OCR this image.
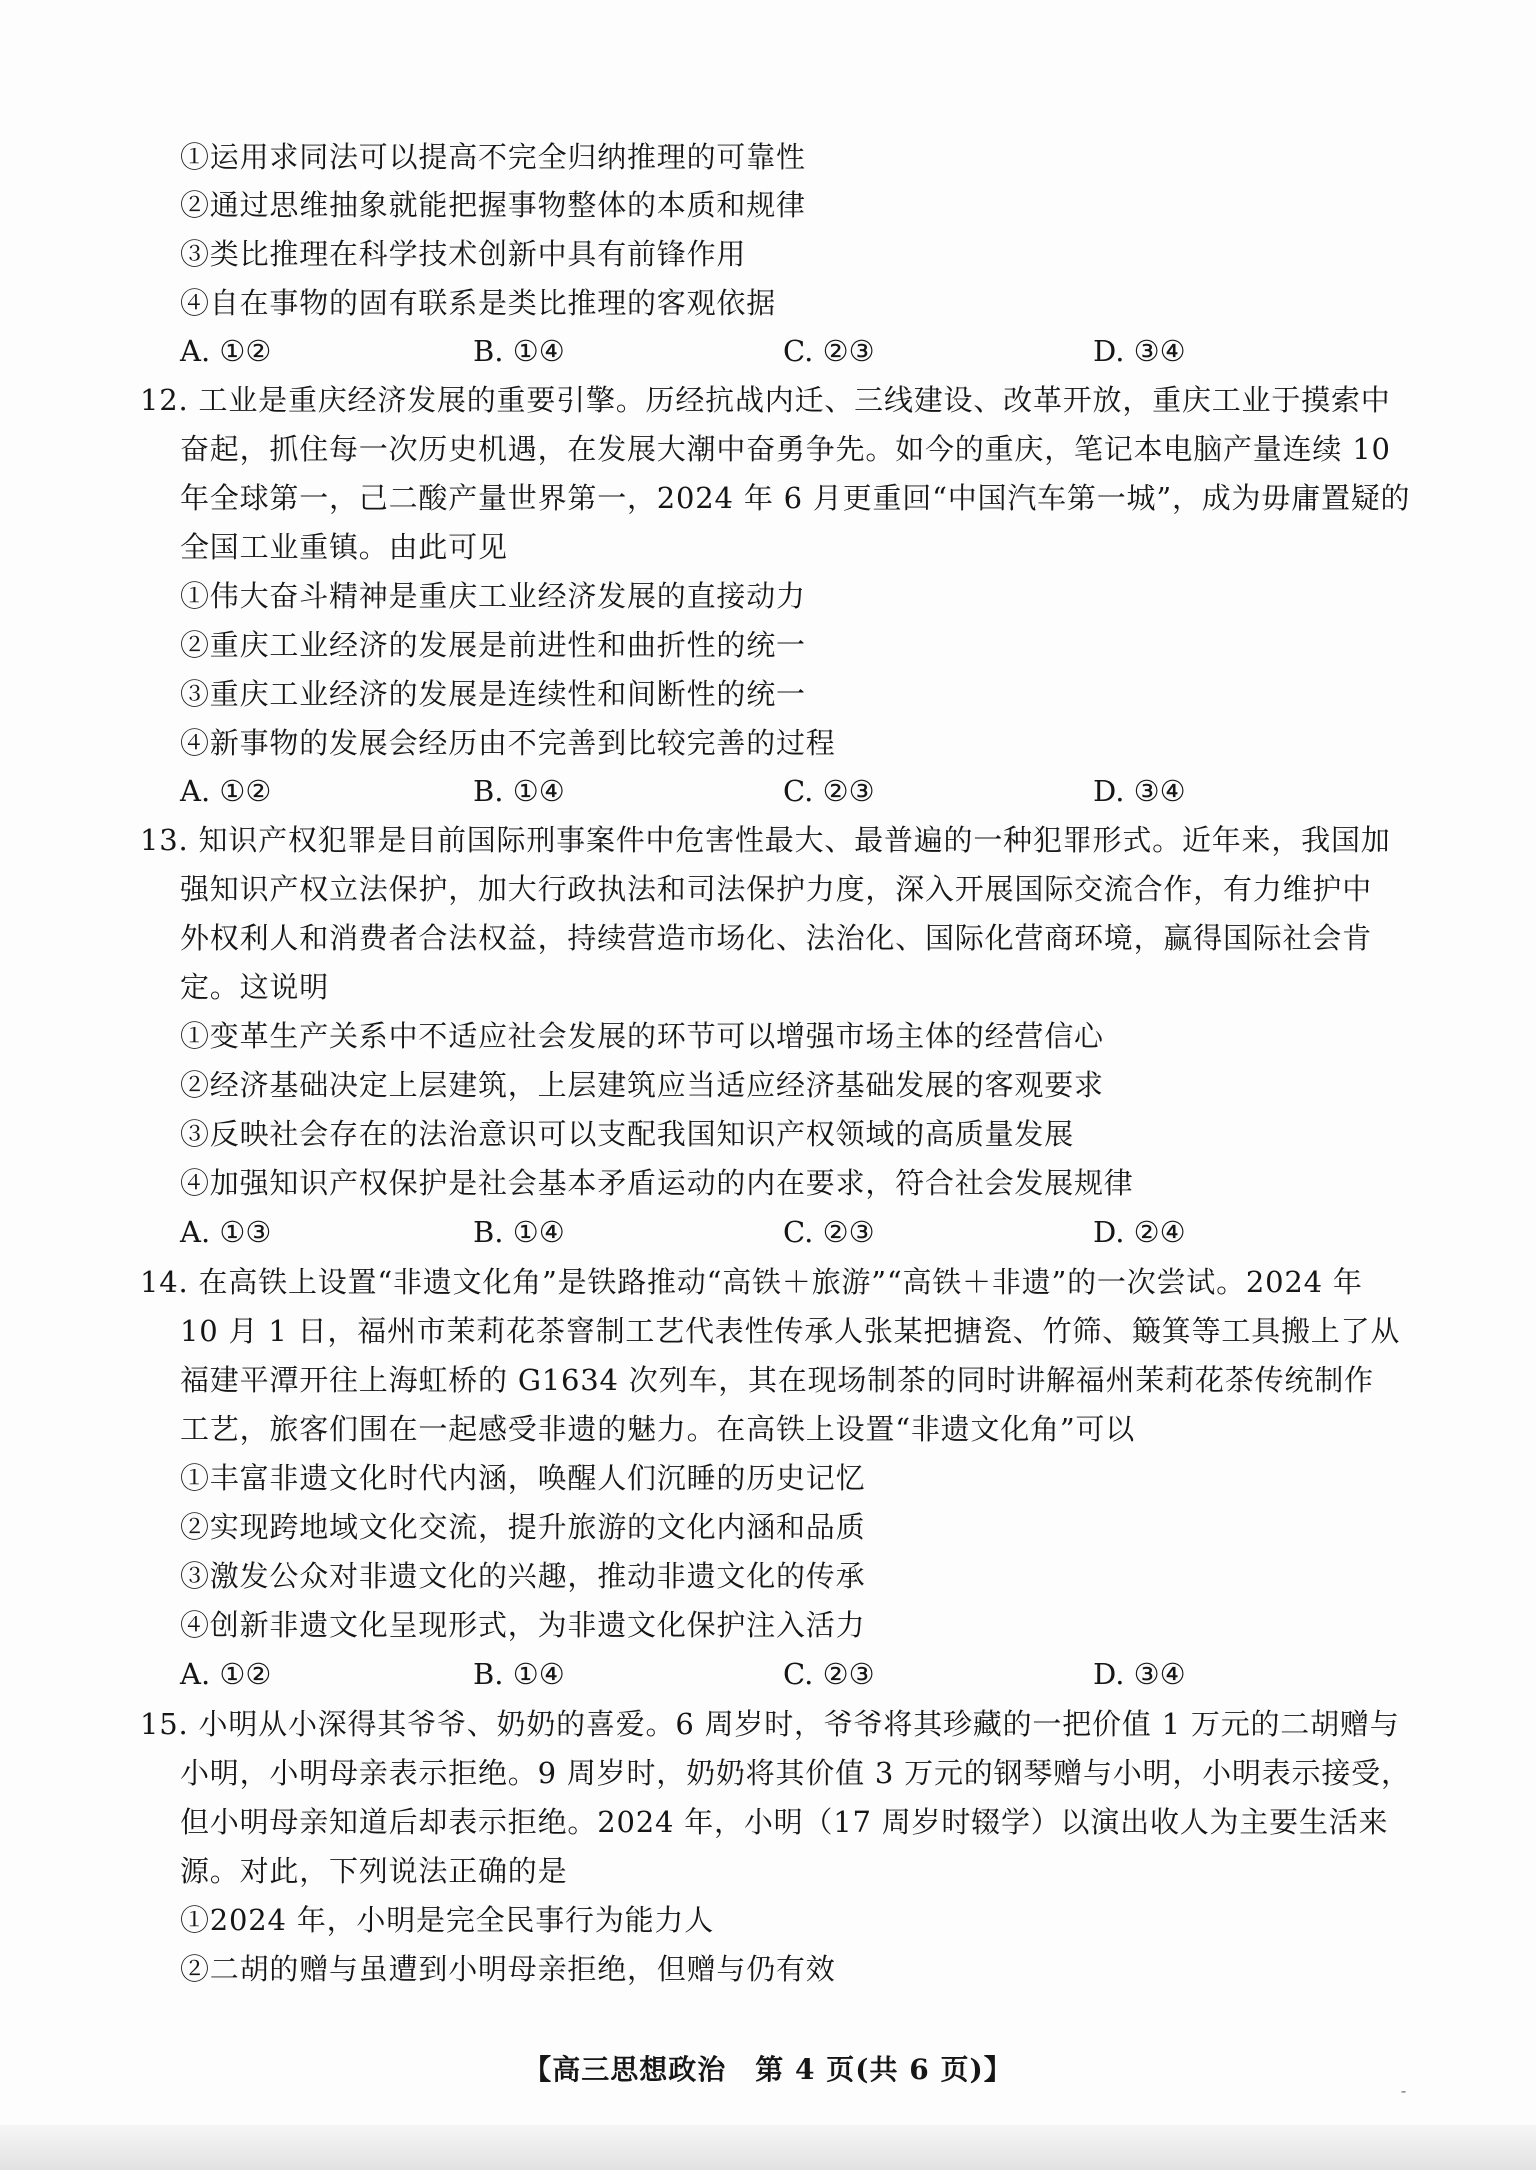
①运用求同法可以提高不完全归纳推理的可靠性

②通过思维抽象就能把握事物整体的本质和规律

③类比推理在科学技术创新中具有前锋作用

④自在事物的固有联系是类比推理的客观依据

A. ①②	B. ①④	C. ②③	D. ③④

12. 工业是重庆经济发展的重要引擎。历经抗战内迁、三线建设、改革开放，重庆工业于摸索中

奋起，抓住每一次历史机遇，在发展大潮中奋勇争先。如今的重庆，笔记本电脑产量连续 10

年全球第一，己二酸产量世界第一，2024 年 6 月更重回“中国汽车第一城”，成为毋庸置疑的

全国工业重镇。由此可见

①伟大奋斗精神是重庆工业经济发展的直接动力

②重庆工业经济的发展是前进性和曲折性的统一

③重庆工业经济的发展是连续性和间断性的统一

④新事物的发展会经历由不完善到比较完善的过程

A. ①②	B. ①④	C. ②③	D. ③④

13. 知识产权犯罪是目前国际刑事案件中危害性最大、最普遍的一种犯罪形式。近年来，我国加

强知识产权立法保护，加大行政执法和司法保护力度，深入开展国际交流合作，有力维护中

外权利人和消费者合法权益，持续营造市场化、法治化、国际化营商环境，赢得国际社会肯

定。这说明

①变革生产关系中不适应社会发展的环节可以增强市场主体的经营信心

②经济基础决定上层建筑，上层建筑应当适应经济基础发展的客观要求

③反映社会存在的法治意识可以支配我国知识产权领域的高质量发展

④加强知识产权保护是社会基本矛盾运动的内在要求，符合社会发展规律

A. ①③	B. ①④	C. ②③	D. ②④

14. 在高铁上设置“非遗文化角”是铁路推动“高铁＋旅游”“高铁＋非遗”的一次尝试。2024 年

10 月 1 日，福州市茉莉花茶窨制工艺代表性传承人张某把搪瓷、竹筛、簸箕等工具搬上了从

福建平潭开往上海虹桥的 G1634 次列车，其在现场制茶的同时讲解福州茉莉花茶传统制作

工艺，旅客们围在一起感受非遗的魅力。在高铁上设置“非遗文化角”可以

①丰富非遗文化时代内涵，唤醒人们沉睡的历史记忆

②实现跨地域文化交流，提升旅游的文化内涵和品质

③激发公众对非遗文化的兴趣，推动非遗文化的传承

④创新非遗文化呈现形式，为非遗文化保护注入活力

A. ①②	B. ①④	C. ②③	D. ③④

15. 小明从小深得其爷爷、奶奶的喜爱。6 周岁时，爷爷将其珍藏的一把价值 1 万元的二胡赠与

小明，小明母亲表示拒绝。9 周岁时，奶奶将其价值 3 万元的钢琴赠与小明，小明表示接受，

但小明母亲知道后却表示拒绝。2024 年，小明（17 周岁时辍学）以演出收人为主要生活来

源。对此，下列说法正确的是

①2024 年，小明是完全民事行为能力人

②二胡的赠与虽遭到小明母亲拒绝，但赠与仍有效

【高三思想政治　第 4 页(共 6 页)】
⁃
